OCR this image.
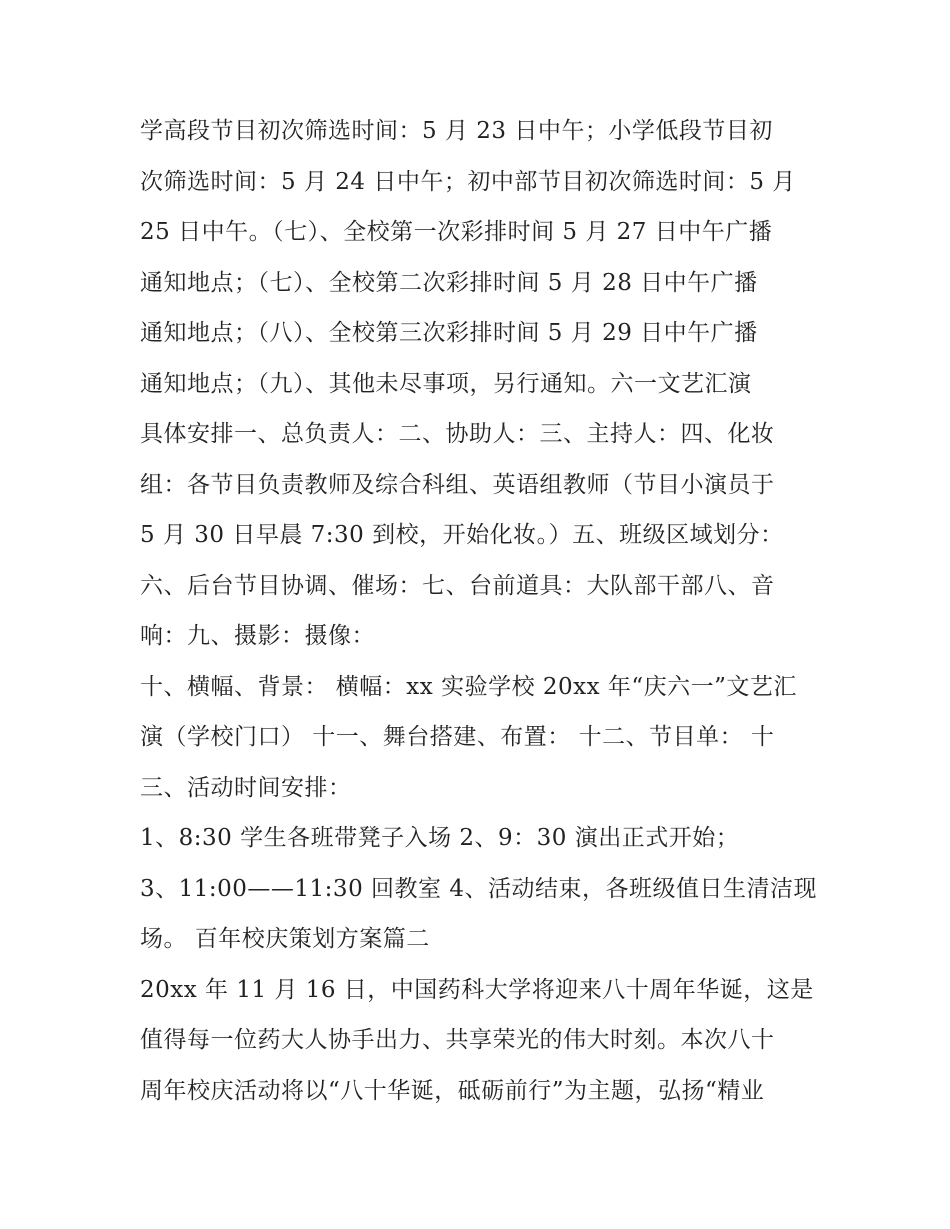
学高段节目初次筛选时间：5 月 23 日中午；小学低段节目初
次筛选时间：5 月 24 日中午；初中部节目初次筛选时间：5 月
25 日中午。（七）、全校第一次彩排时间 5 月 27 日中午广播
通知地点；（七）、全校第二次彩排时间 5 月 28 日中午广播
通知地点；（八）、全校第三次彩排时间 5 月 29 日中午广播
通知地点；（九）、其他未尽事项，另行通知。六一文艺汇演
具体安排一、总负责人：二、协助人：三、主持人：四、化妆
组：各节目负责教师及综合科组、英语组教师（节目小演员于
5 月 30 日早晨 7:30 到校，开始化妆。）五、班级区域划分：
六、后台节目协调、催场：七、台前道具：大队部干部八、音
响：九、摄影：摄像：
十、横幅、背景： 横幅：xx 实验学校 20xx 年“庆六一”文艺汇
演（学校门口） 十一、舞台搭建、布置： 十二、节目单： 十
三、活动时间安排：
1、8:30 学生各班带凳子入场 2、9：30 演出正式开始；
3、11:00——11:30 回教室 4、活动结束，各班级值日生清洁现
场。 百年校庆策划方案篇二
20xx 年 11 月 16 日，中国药科大学将迎来八十周年华诞，这是
值得每一位药大人协手出力、共享荣光的伟大时刻。本次八十
周年校庆活动将以“八十华诞，砥砺前行”为主题，弘扬“精业
